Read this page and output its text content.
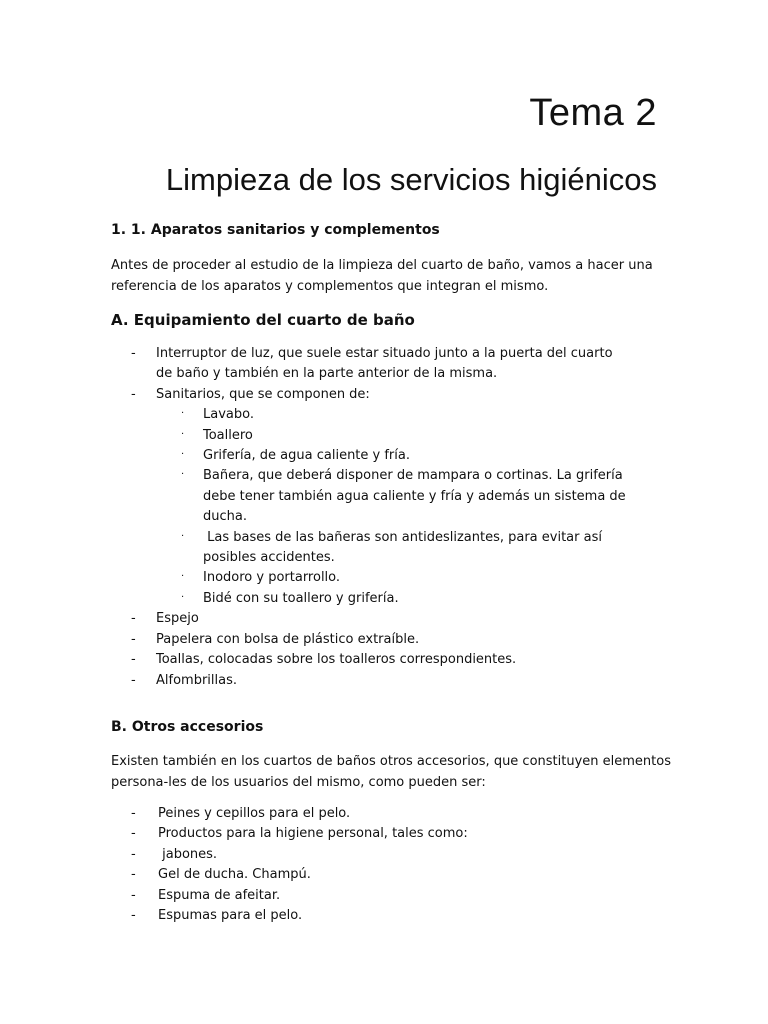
Tema 2
Limpieza de los servicios higiénicos
1. 1. Aparatos sanitarios y complementos

Antes de proceder al estudio de la limpieza del cuarto de baño, vamos a hacer una referencia de los aparatos y complementos que integran el mismo.

A. Equipamiento del cuarto de baño
- Interruptor de luz, que suele estar situado junto a la puerta del cuarto de baño y también en la parte anterior de la misma.
- Sanitarios, que se componen de:
· Lavabo.
· Toallero
· Grifería, de agua caliente y fría.
· Bañera, que deberá disponer de mampara o cortinas. La grifería debe tener también agua caliente y fría y además un sistema de ducha.
· Las bases de las bañeras son antideslizantes, para evitar así posibles accidentes.
· Inodoro y portarrollo.
· Bidé con su toallero y grifería.
- Espejo
- Papelera con bolsa de plástico extraíble.
- Toallas, colocadas sobre los toalleros correspondientes.
- Alfombrillas.
B. Otros accesorios

Existen también en los cuartos de baños otros accesorios, que constituyen elementos persona-les de los usuarios del mismo, como pueden ser:

- Peines y cepillos para el pelo.
- Productos para la higiene personal, tales como:
- jabones.
- Gel de ducha. Champú.
- Espuma de afeitar.
- Espumas para el pelo.
